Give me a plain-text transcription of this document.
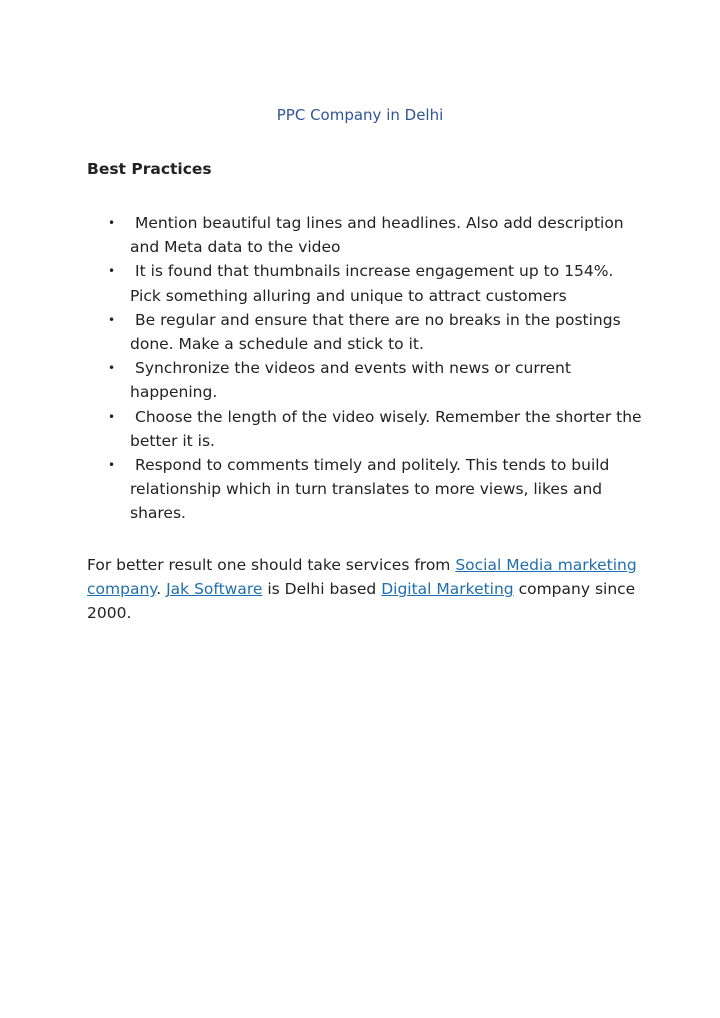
PPC Company in Delhi
Best Practices
•	Mention beautiful tag lines and headlines. Also add description and Meta data to the video
•	It is found that thumbnails increase engagement up to 154%. Pick something alluring and unique to attract customers
•	Be regular and ensure that there are no breaks in the postings done. Make a schedule and stick to it.
•	Synchronize the videos and events with news or current happening.
•	Choose the length of the video wisely. Remember the shorter the better it is.
•	Respond to comments timely and politely. This tends to build relationship which in turn translates to more views, likes and shares.

For better result one should take services from Social Media marketing company. Jak Software is Delhi based Digital Marketing company since 2000.
